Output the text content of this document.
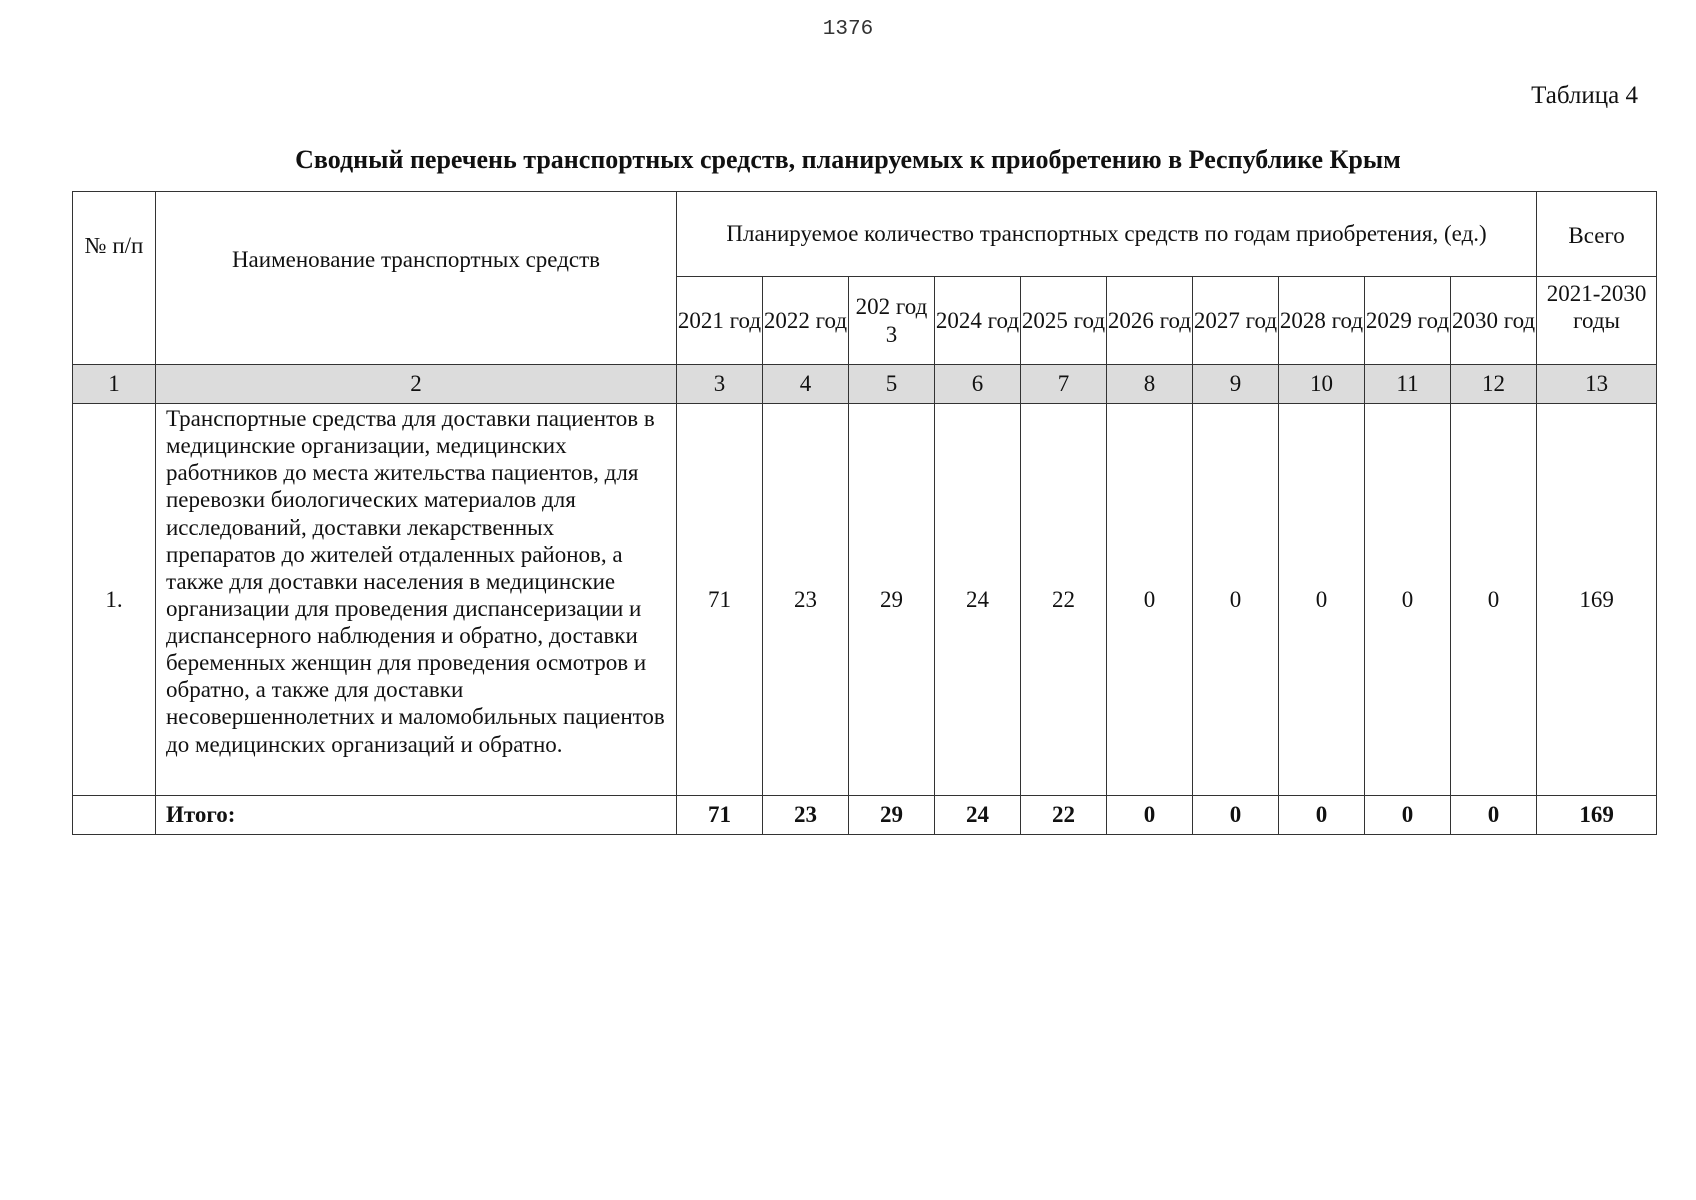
1376
Таблица 4
Сводный перечень транспортных средств, планируемых к приобретению в Республике Крым
№ п/п	Наименование транспортных средств	Планируемое количество транспортных средств по годам приобретения, (ед.)										Всего
		2021 год	2022 год	202 год 3	2024 год	2025 год	2026 год	2027 год	2028 год	2029 год	2030 год	2021-2030 годы
1	2	3	4	5	6	7	8	9	10	11	12	13
1.	Транспортные средства для доставки пациентов в медицинские организации, медицинских работников до места жительства пациентов, для перевозки биологических материалов для исследований, доставки лекарственных препаратов до жителей отдаленных районов, а также для доставки населения в медицинские организации для проведения диспансеризации и диспансерного наблюдения и обратно, доставки беременных женщин для проведения осмотров и обратно, а также для доставки несовершеннолетних и маломобильных пациентов до медицинских организаций и обратно.	71	23	29	24	22	0	0	0	0	0	169
	Итого:	71	23	29	24	22	0	0	0	0	0	169
